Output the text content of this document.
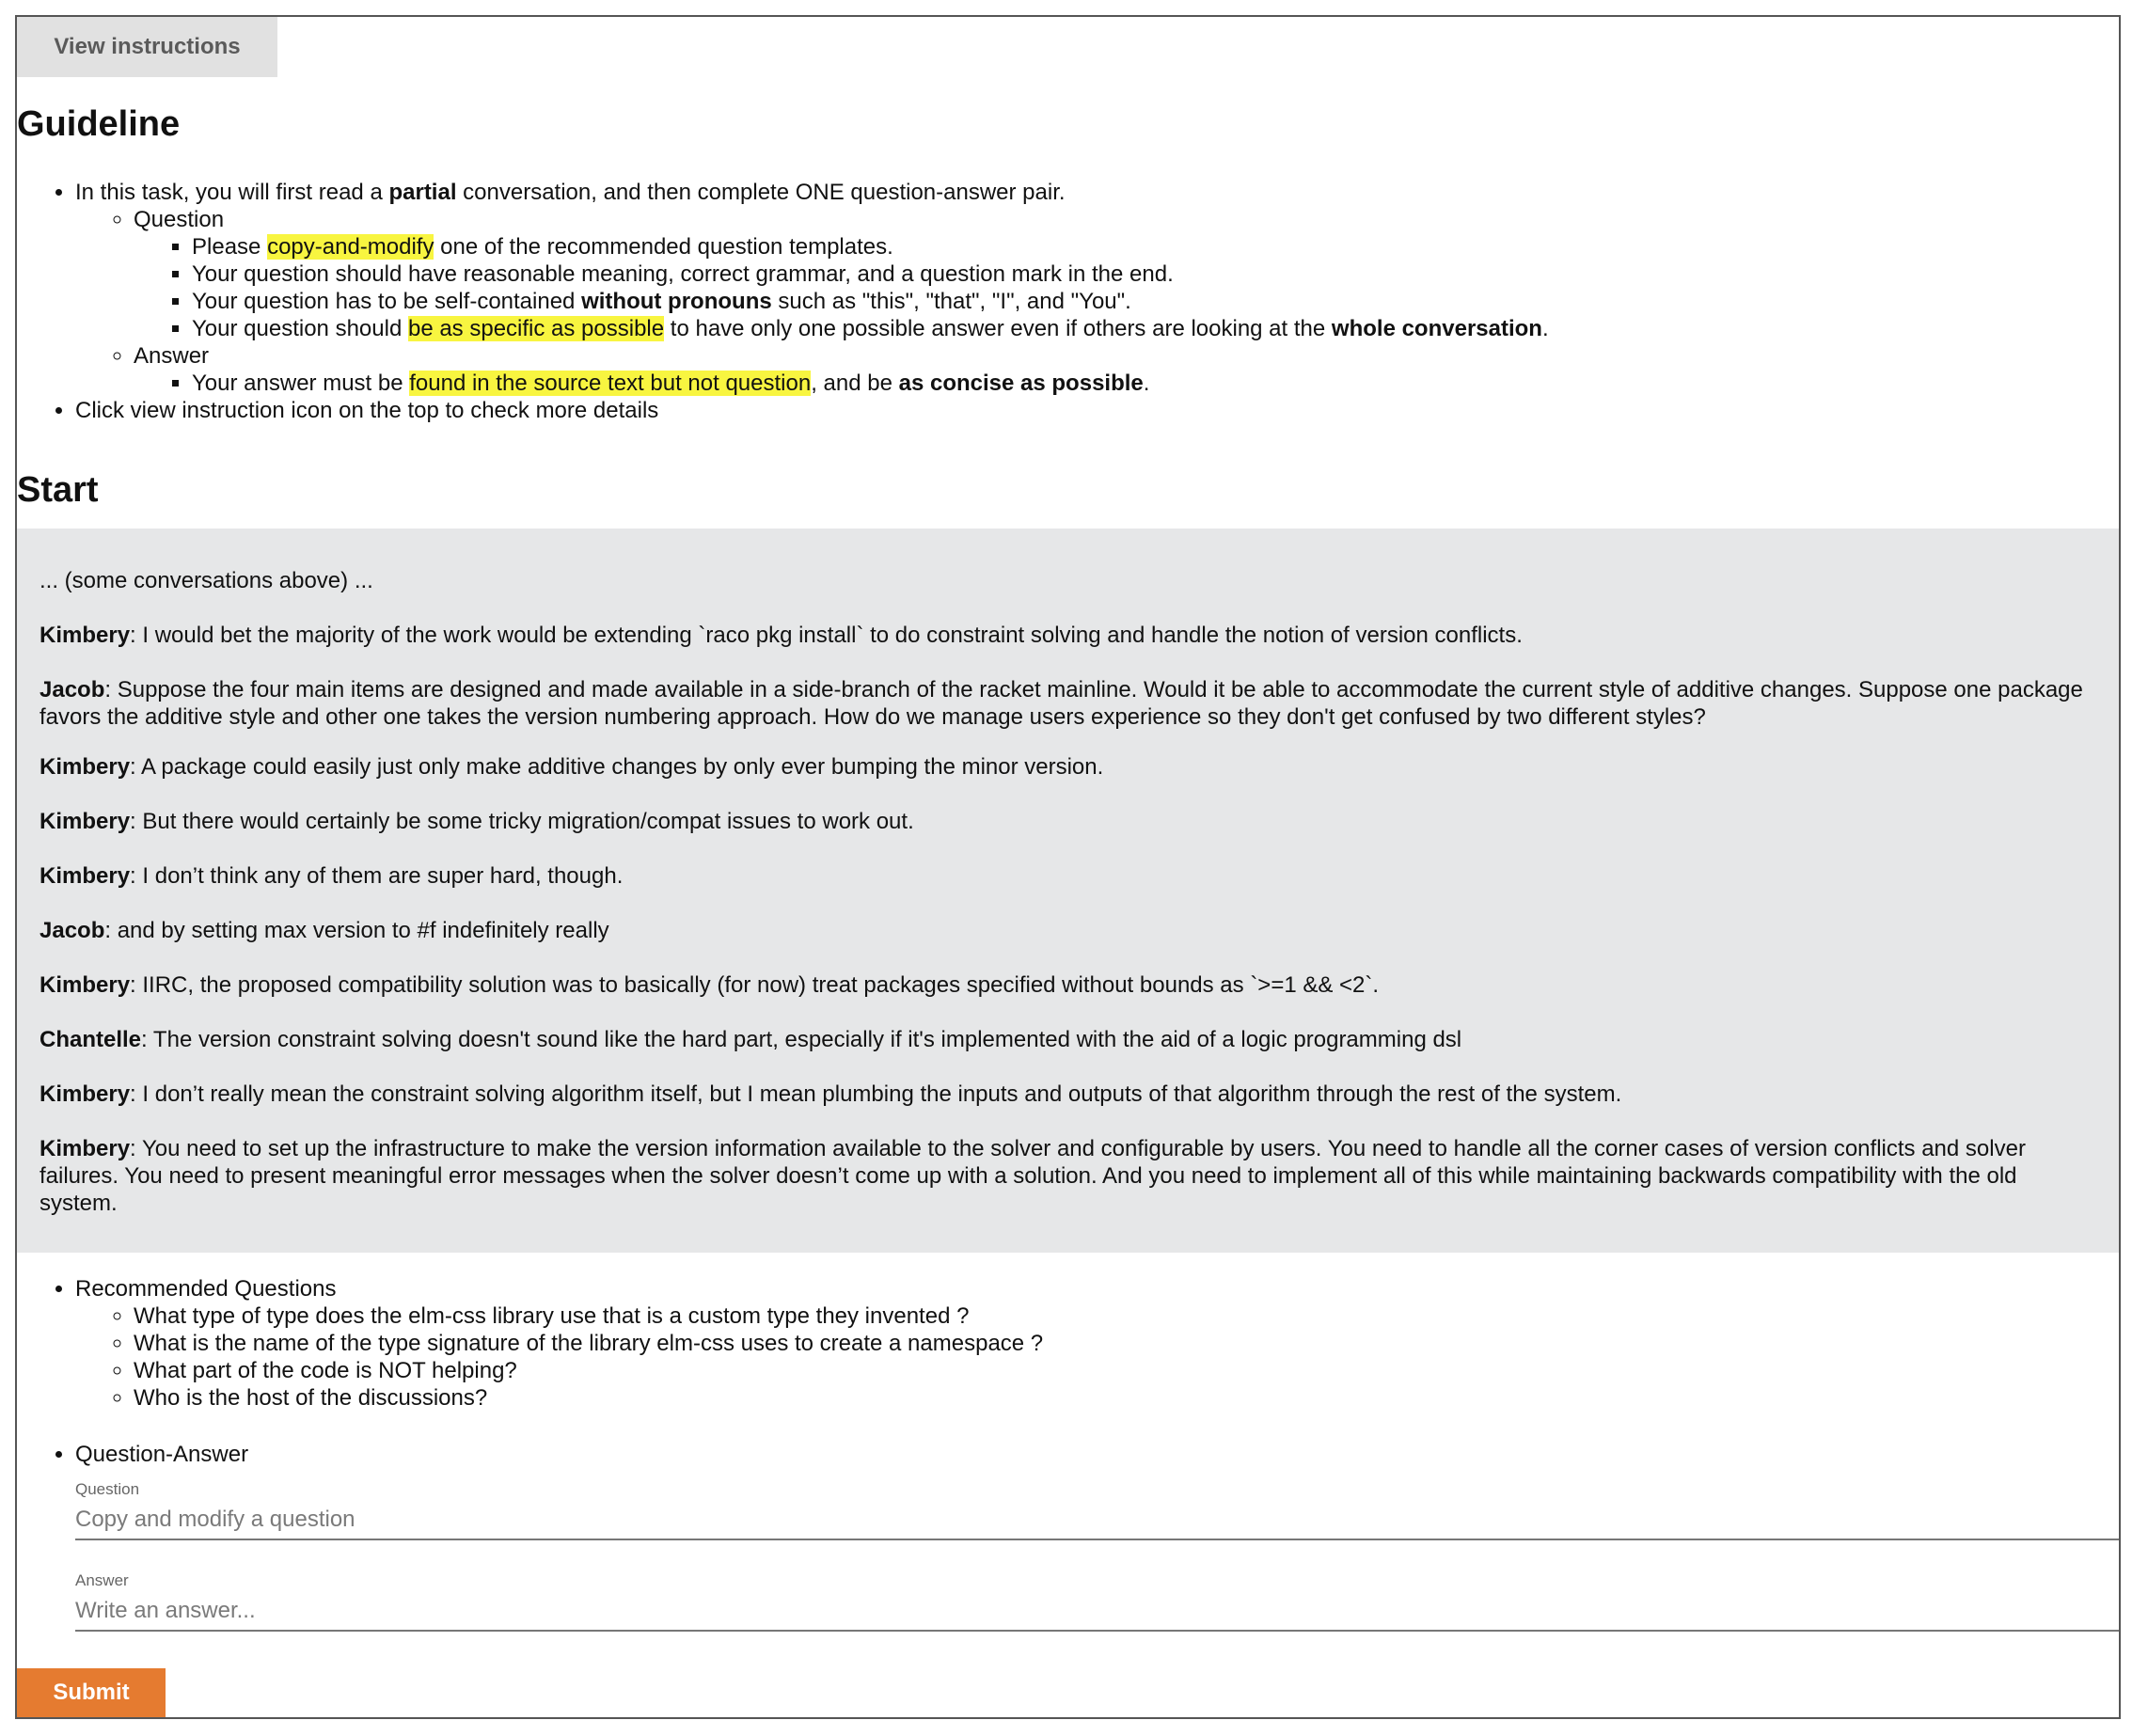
View instructions
Guideline
• In this task, you will first read a partial conversation, and then complete ONE question-answer pair.
◦ Question
▪ Please copy-and-modify one of the recommended question templates.
▪ Your question should have reasonable meaning, correct grammar, and a question mark in the end.
▪ Your question has to be self-contained without pronouns such as "this", "that", "I", and "You".
▪ Your question should be as specific as possible to have only one possible answer even if others are looking at the whole conversation.
◦ Answer
▪ Your answer must be found in the source text but not question, and be as concise as possible.
• Click view instruction icon on the top to check more details
Start

... (some conversations above) ...

Kimbery: I would bet the majority of the work would be extending `raco pkg install` to do constraint solving and handle the notion of version conflicts.

Jacob: Suppose the four main items are designed and made available in a side-branch of the racket mainline. Would it be able to accommodate the current style of additive changes. Suppose one package favors the additive style and other one takes the version numbering approach. How do we manage users experience so they don't get confused by two different styles?

Kimbery: A package could easily just only make additive changes by only ever bumping the minor version.

Kimbery: But there would certainly be some tricky migration/compat issues to work out.

Kimbery: I don’t think any of them are super hard, though.

Jacob: and by setting max version to #f indefinitely really

Kimbery: IIRC, the proposed compatibility solution was to basically (for now) treat packages specified without bounds as `>=1 && <2`.

Chantelle: The version constraint solving doesn't sound like the hard part, especially if it's implemented with the aid of a logic programming dsl

Kimbery: I don’t really mean the constraint solving algorithm itself, but I mean plumbing the inputs and outputs of that algorithm through the rest of the system.

Kimbery: You need to set up the infrastructure to make the version information available to the solver and configurable by users. You need to handle all the corner cases of version conflicts and solver failures. You need to present meaningful error messages when the solver doesn’t come up with a solution. And you need to implement all of this while maintaining backwards compatibility with the old system.

• Recommended Questions
◦ What type of type does the elm-css library use that is a custom type they invented ?
◦ What is the name of the type signature of the library elm-css uses to create a namespace ?
◦ What part of the code is NOT helping?
◦ Who is the host of the discussions?
• Question-Answer
Question
Copy and modify a question
Answer
Write an answer...
Submit
